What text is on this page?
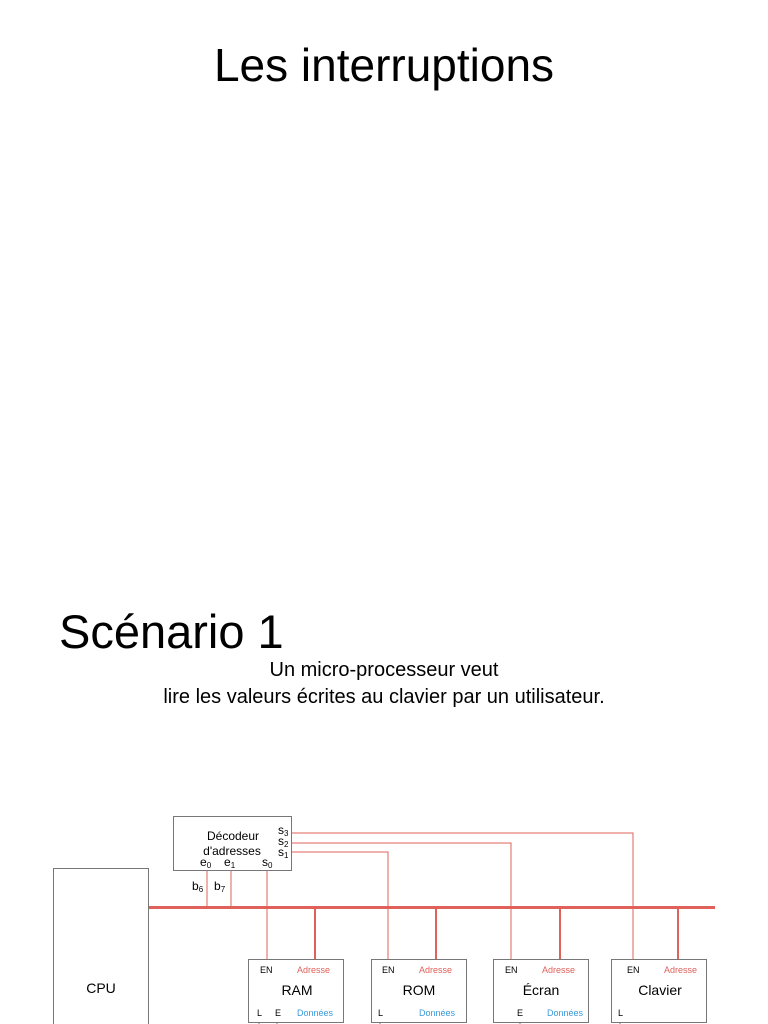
Les interruptions
Scénario 1
Un micro-processeur veut
lire les valeurs écrites au clavier par un utilisateur.
Décodeur
d'adresses
s3
s2
s1
e0 e1 s0
b6 b7
CPU
EN	Adresse
RAM
L E Données
EN	Adresse
ROM
L	Données
EN	Adresse
Écran
E	Données
EN	Adresse
Clavier
L
